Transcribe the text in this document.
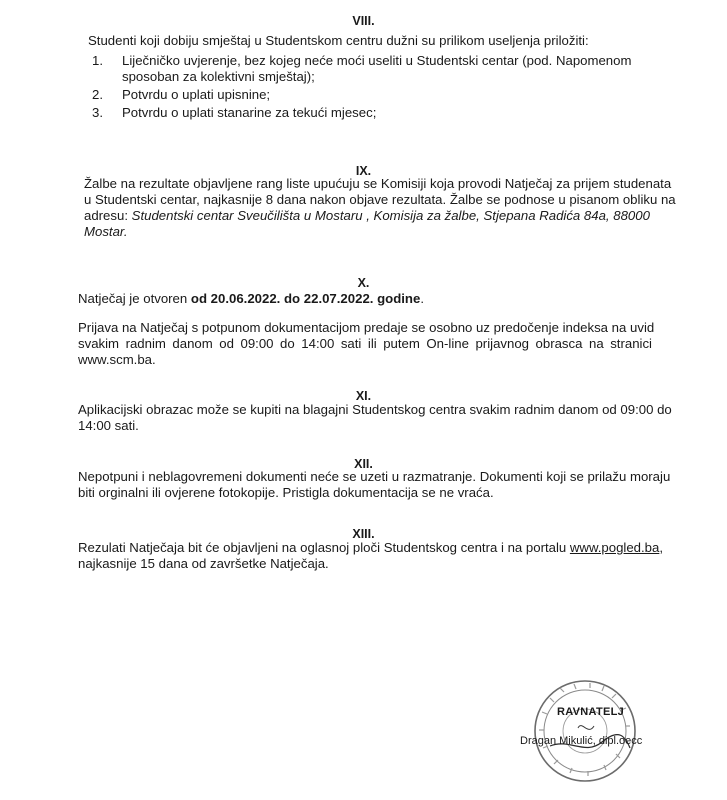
VIII.
Studenti koji dobiju smještaj u Studentskom centru dužni su prilikom useljenja priložiti:
1. Liječničko uvjerenje, bez kojeg neće moći useliti u Studentski centar (pod. Napomenom
sposoban za kolektivni smještaj);
2. Potvrdu o uplati upisnine;
3. Potvrdu o uplati stanarine za tekući mjesec;
IX.
Žalbe na rezultate objavljene rang liste upućuju se Komisiji koja provodi Natječaj za prijem studenata
u Studentski centar, najkasnije 8 dana nakon objave rezultata. Žalbe se podnose u pisanom obliku na
adresu: Studentski centar Sveučilišta u Mostaru , Komisija za žalbe, Stjepana Radića 84a, 88000
Mostar.
X.
Natječaj je otvoren od 20.06.2022. do 22.07.2022. godine.
Prijava na Natječaj s potpunom dokumentacijom predaje se osobno uz predočenje indeksa na uvid
svakim radnim danom od 09:00 do 14:00 sati ili putem On-line prijavnog obrasca na stranici
www.scm.ba.
XI.
Aplikacijski obrazac može se kupiti na blagajni Studentskog centra svakim radnim danom od 09:00 do
14:00 sati.
XII.
Nepotpuni i neblagovremeni dokumenti neće se uzeti u razmatranje. Dokumenti koji se prilažu moraju
biti orginalni ili ovjerene fotokopije. Pristigla dokumentacija se ne vraća.
XIII.
Rezulati Natječaja bit će objavljeni na oglasnoj ploči Studentskog centra i na portalu www.pogled.ba,
najkasnije 15 dana od završetke Natječaja.
RAVNATELJ
Dragan Mikulić, dipl.oecc
